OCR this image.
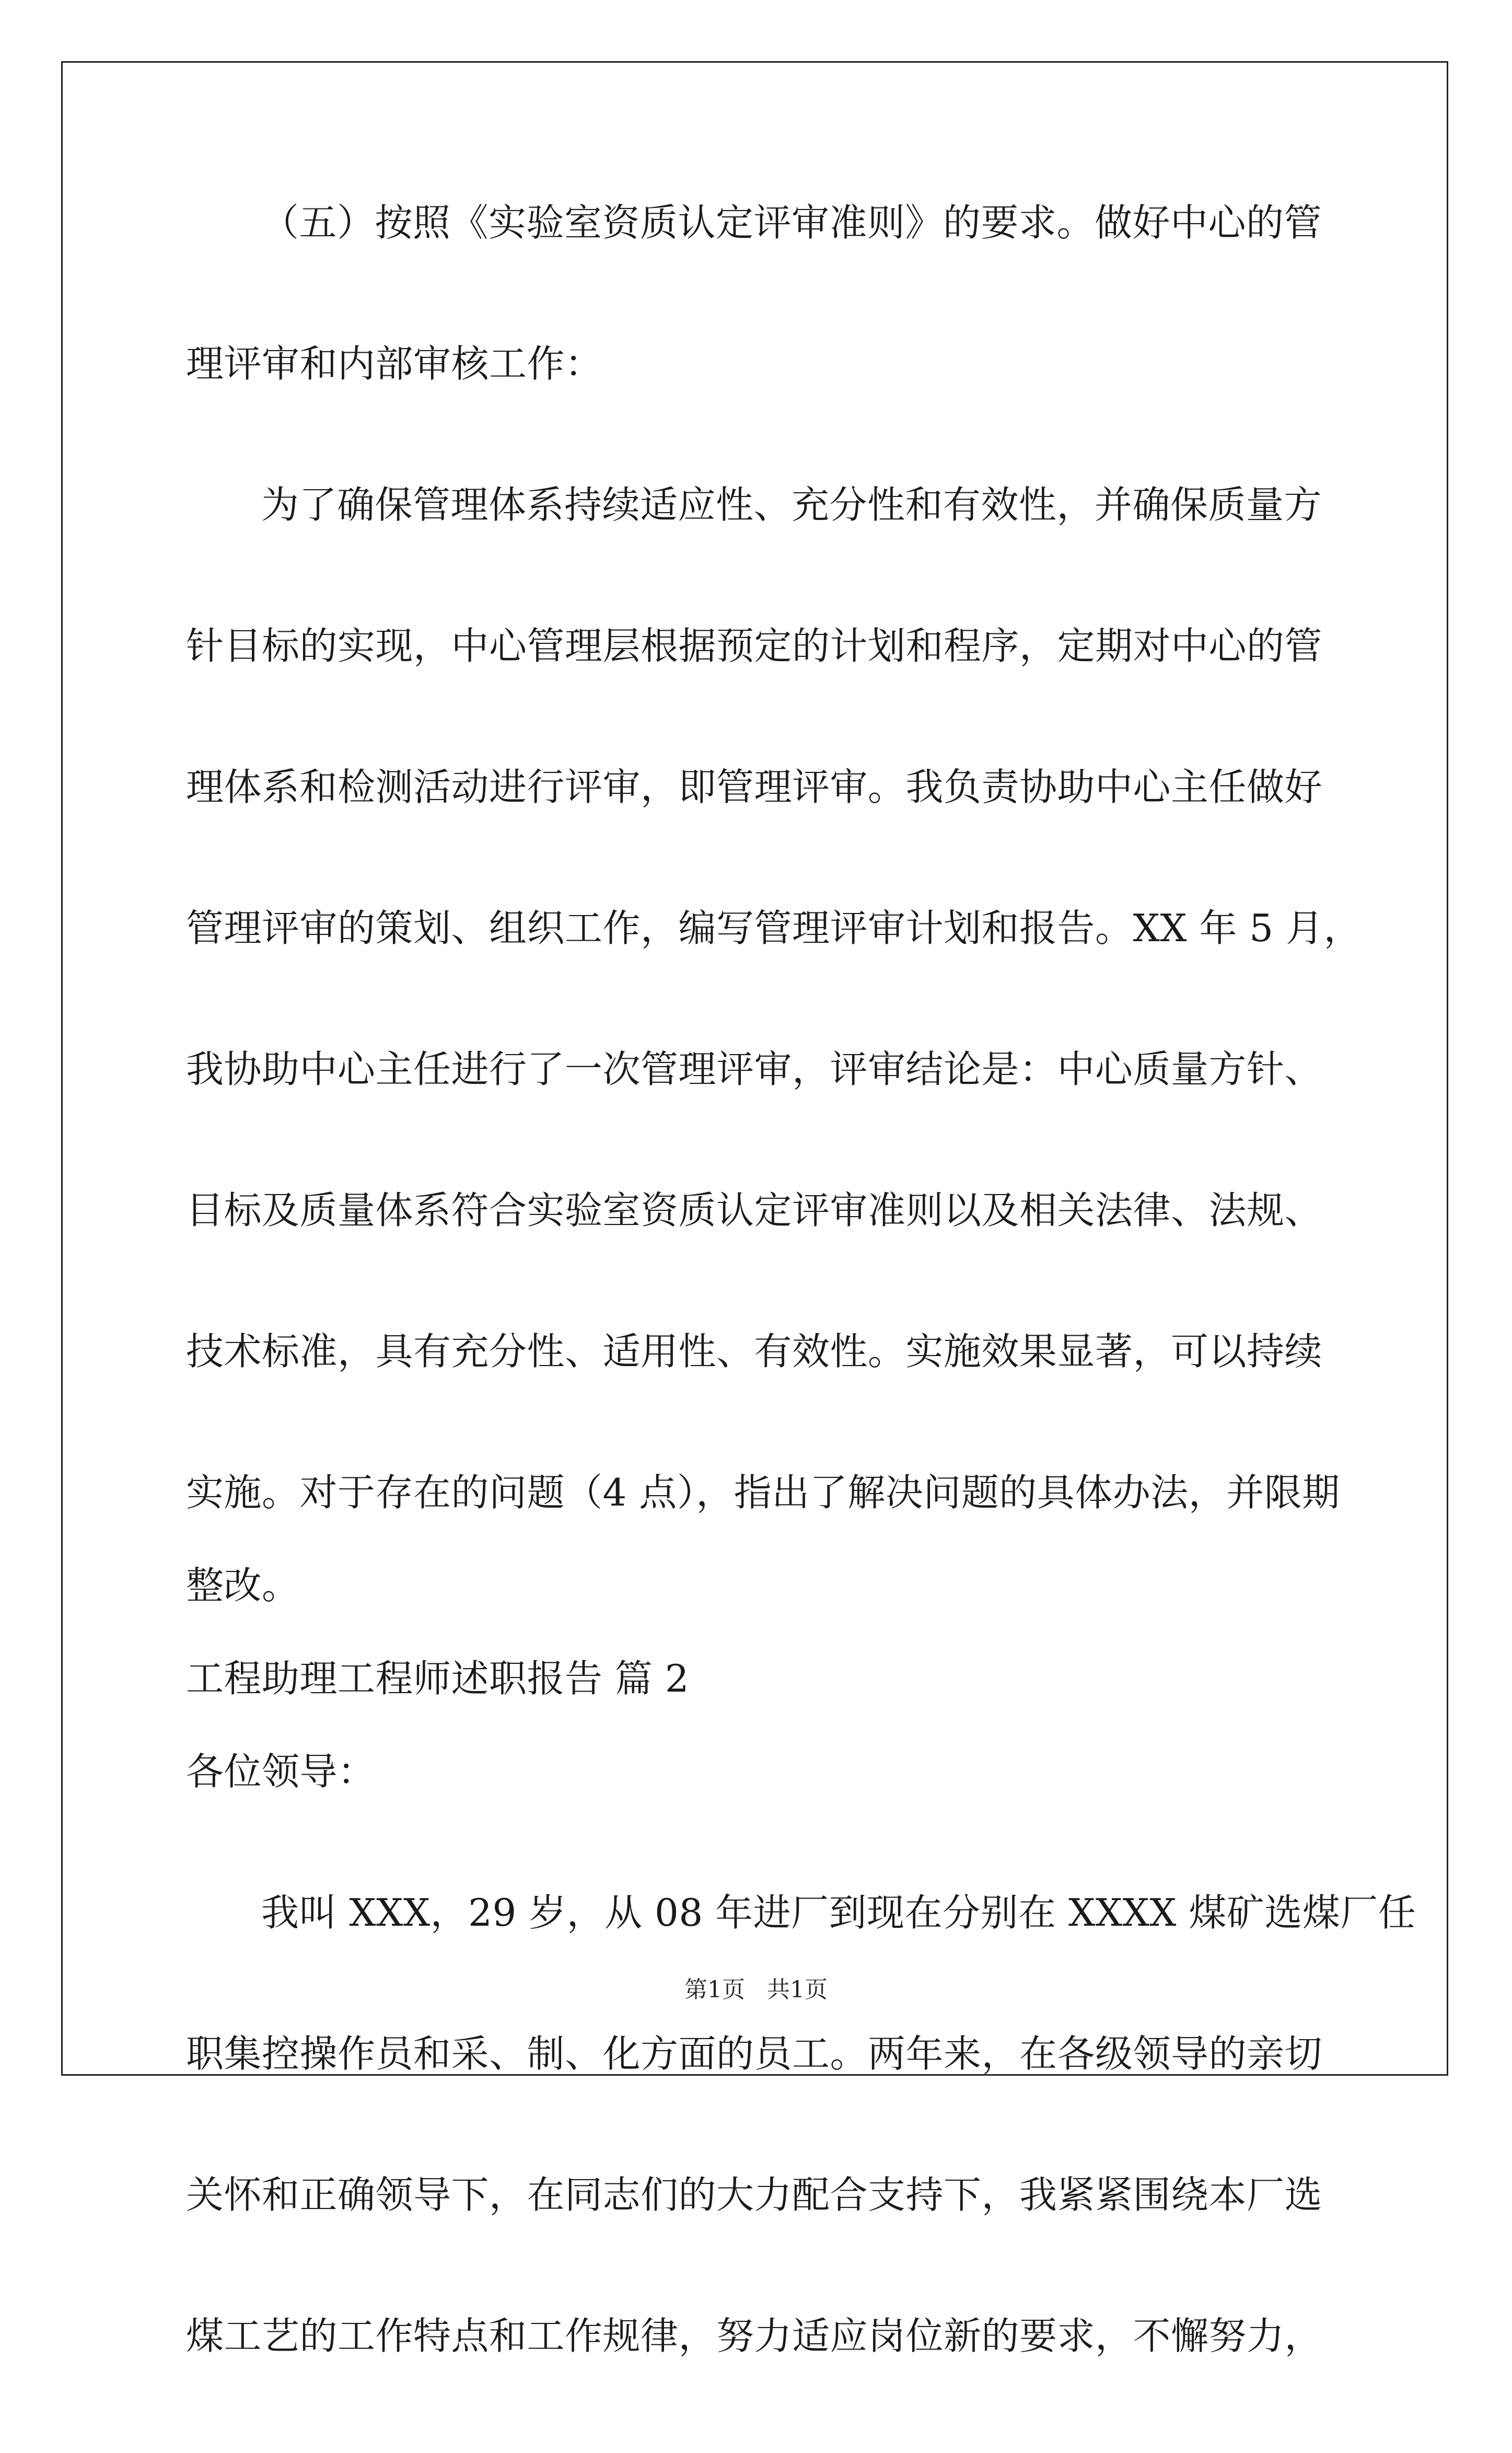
（五）按照《实验室资质认定评审准则》的要求。做好中心的管
理评审和内部审核工作：
为了确保管理体系持续适应性、充分性和有效性，并确保质量方
针目标的实现，中心管理层根据预定的计划和程序，定期对中心的管
理体系和检测活动进行评审，即管理评审。我负责协助中心主任做好
管理评审的策划、组织工作，编写管理评审计划和报告。XX 年 5 月，
我协助中心主任进行了一次管理评审，评审结论是：中心质量方针、
目标及质量体系符合实验室资质认定评审准则以及相关法律、法规、
技术标准，具有充分性、适用性、有效性。实施效果显著，可以持续
实施。对于存在的问题（4 点），指出了解决问题的具体办法，并限期
整改。
工程助理工程师述职报告 篇 2
各位领导：
我叫 XXX，29 岁，从 08 年进厂到现在分别在 XXXX 煤矿选煤厂任
职集控操作员和采、制、化方面的员工。两年来，在各级领导的亲切
关怀和正确领导下，在同志们的大力配合支持下，我紧紧围绕本厂选
煤工艺的工作特点和工作规律，努力适应岗位新的要求，不懈努力，
第1页   共1页
